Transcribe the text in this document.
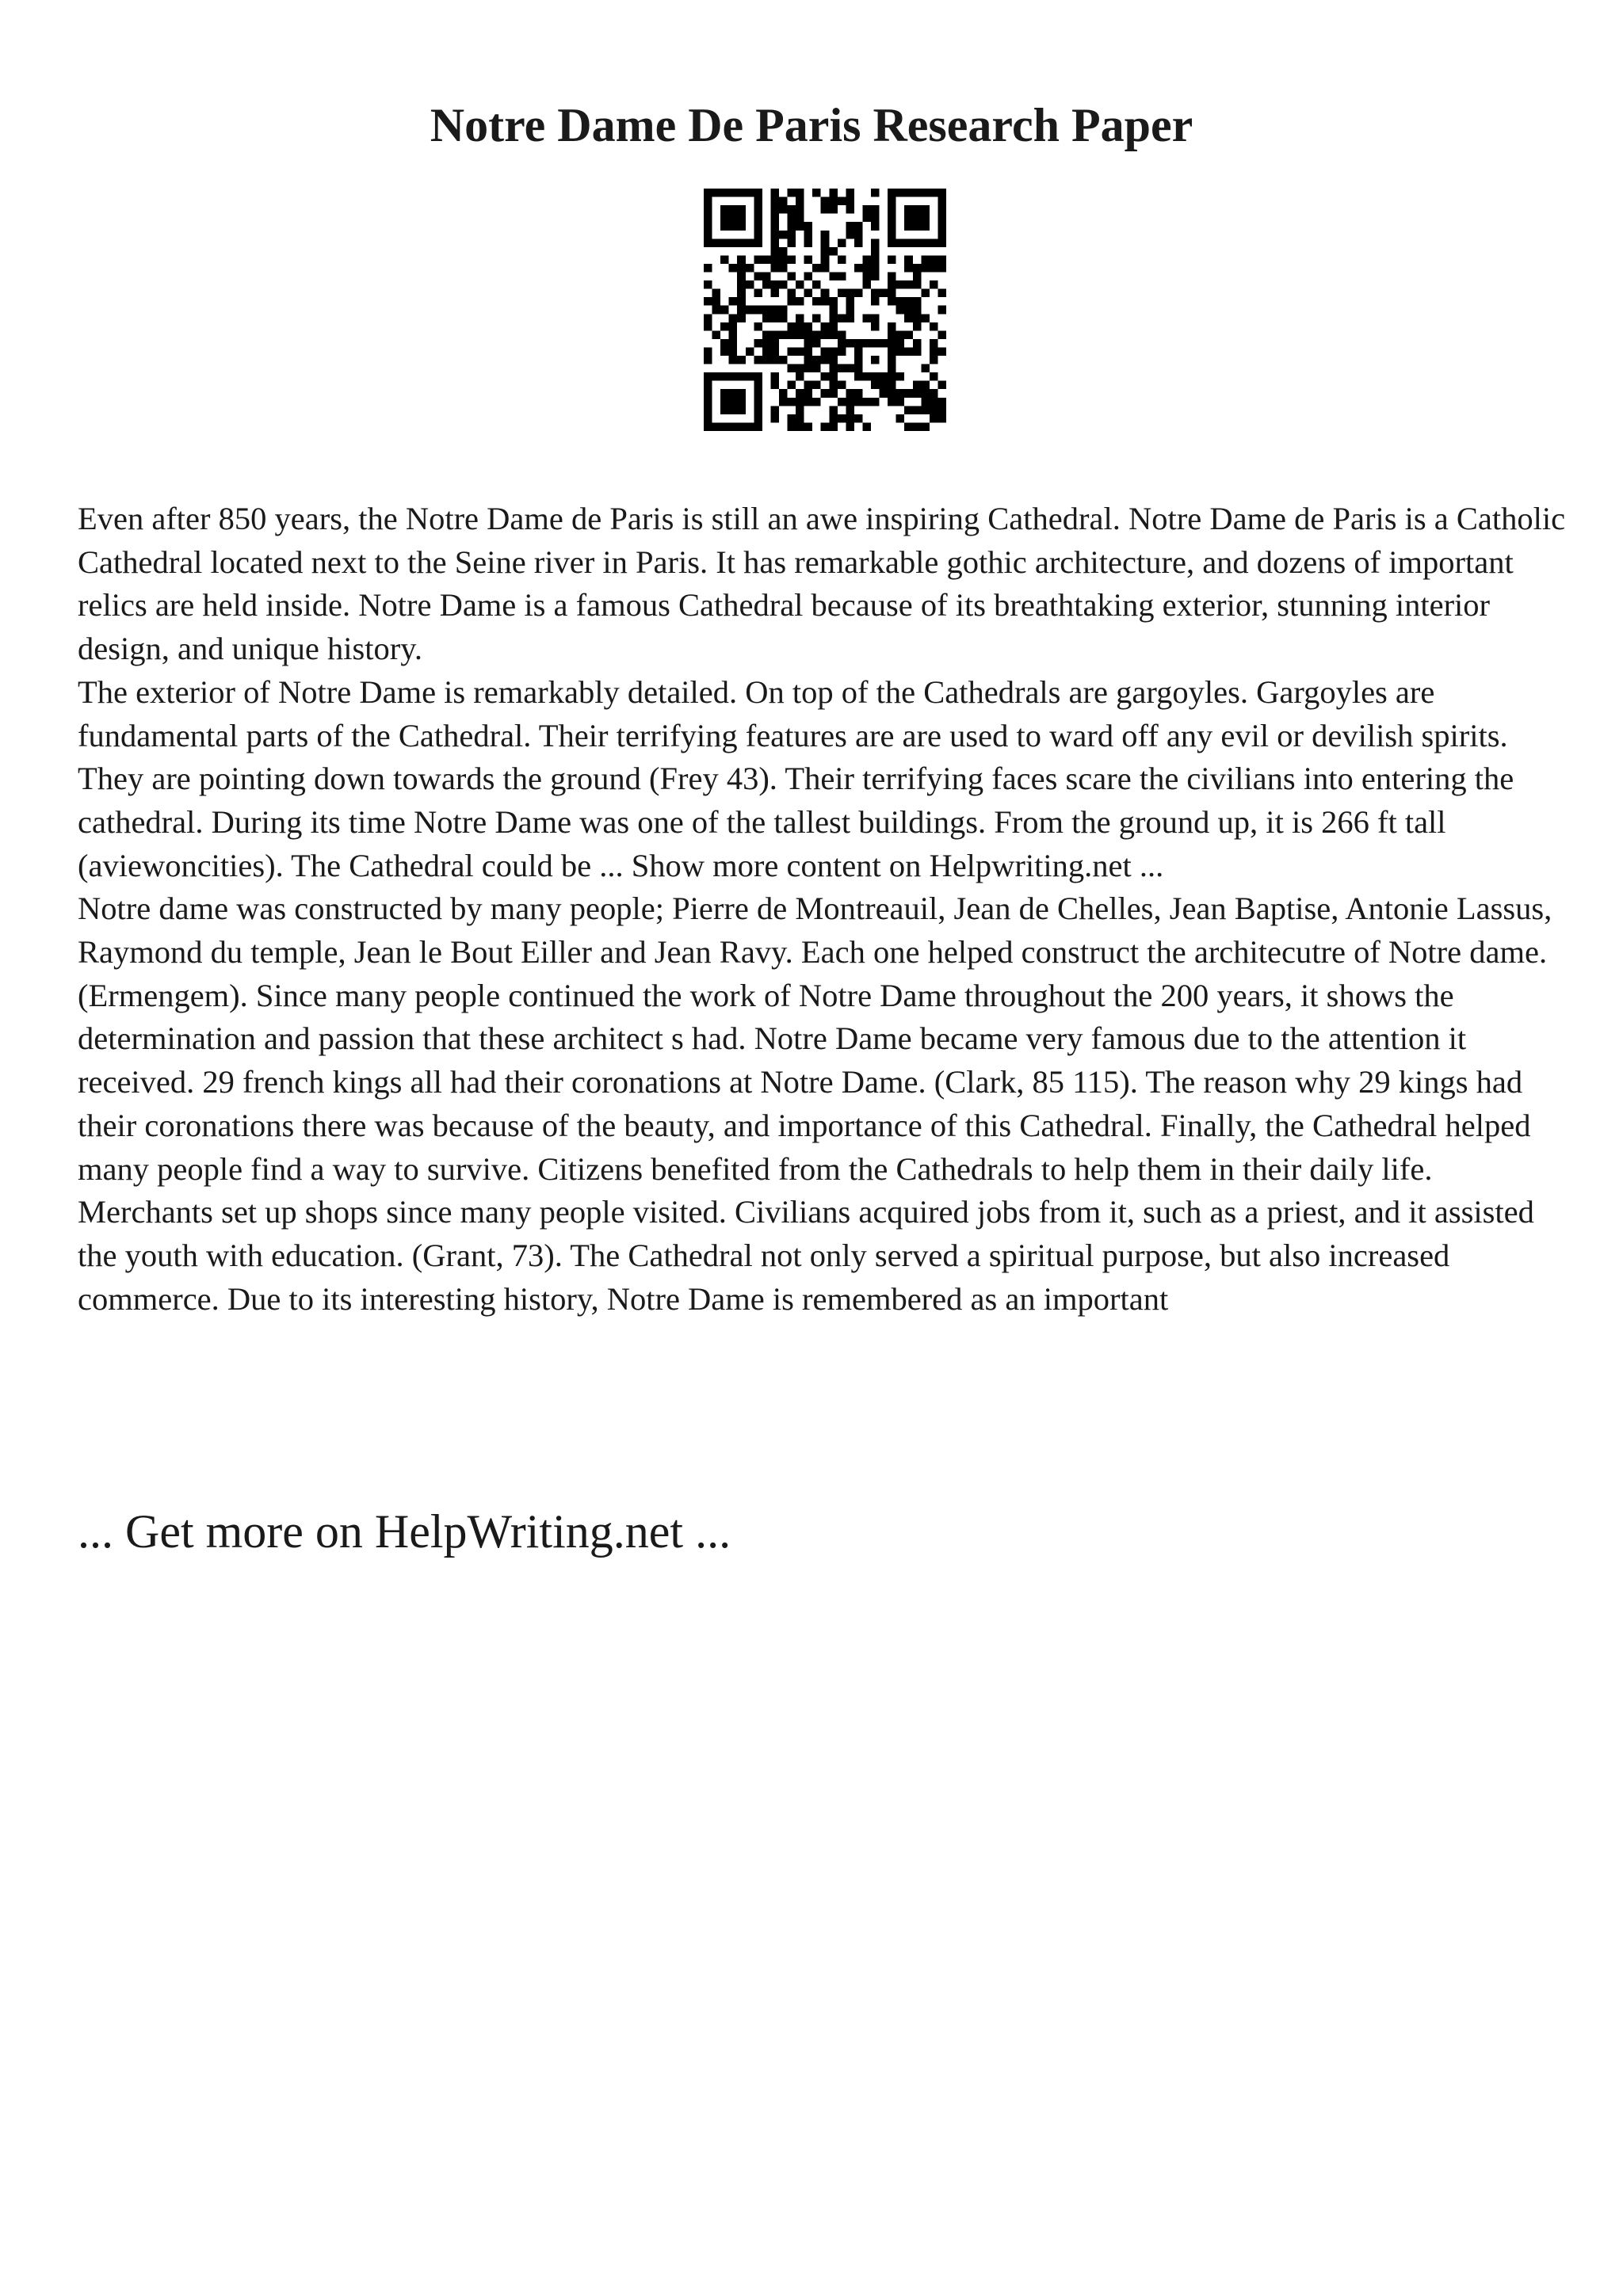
Notre Dame De Paris Research Paper

Even after 850 years, the Notre Dame de Paris is still an awe inspiring Cathedral. Notre Dame de Paris is a Catholic Cathedral located next to the Seine river in Paris. It has remarkable gothic architecture, and dozens of important relics are held inside. Notre Dame is a famous Cathedral because of its breathtaking exterior, stunning interior design, and unique history.

The exterior of Notre Dame is remarkably detailed. On top of the Cathedrals are gargoyles. Gargoyles are fundamental parts of the Cathedral. Their terrifying features are are used to ward off any evil or devilish spirits. They are pointing down towards the ground (Frey 43). Their terrifying faces scare the civilians into entering the cathedral. During its time Notre Dame was one of the tallest buildings. From the ground up, it is 266 ft tall (aviewoncities). The Cathedral could be ... Show more content on Helpwriting.net ...

Notre dame was constructed by many people; Pierre de Montreauil, Jean de Chelles, Jean Baptise, Antonie Lassus, Raymond du temple, Jean le Bout Eiller and Jean Ravy. Each one helped construct the architecutre of Notre dame. (Ermengem). Since many people continued the work of Notre Dame throughout the 200 years, it shows the determination and passion that these architect s had. Notre Dame became very famous due to the attention it received. 29 french kings all had their coronations at Notre Dame. (Clark, 85 115). The reason why 29 kings had their coronations there was because of the beauty, and importance of this Cathedral. Finally, the Cathedral helped many people find a way to survive. Citizens benefited from the Cathedrals to help them in their daily life. Merchants set up shops since many people visited. Civilians acquired jobs from it, such as a priest, and it assisted the youth with education. (Grant, 73). The Cathedral not only served a spiritual purpose, but also increased commerce. Due to its interesting history, Notre Dame is remembered as an important

... Get more on HelpWriting.net ...
